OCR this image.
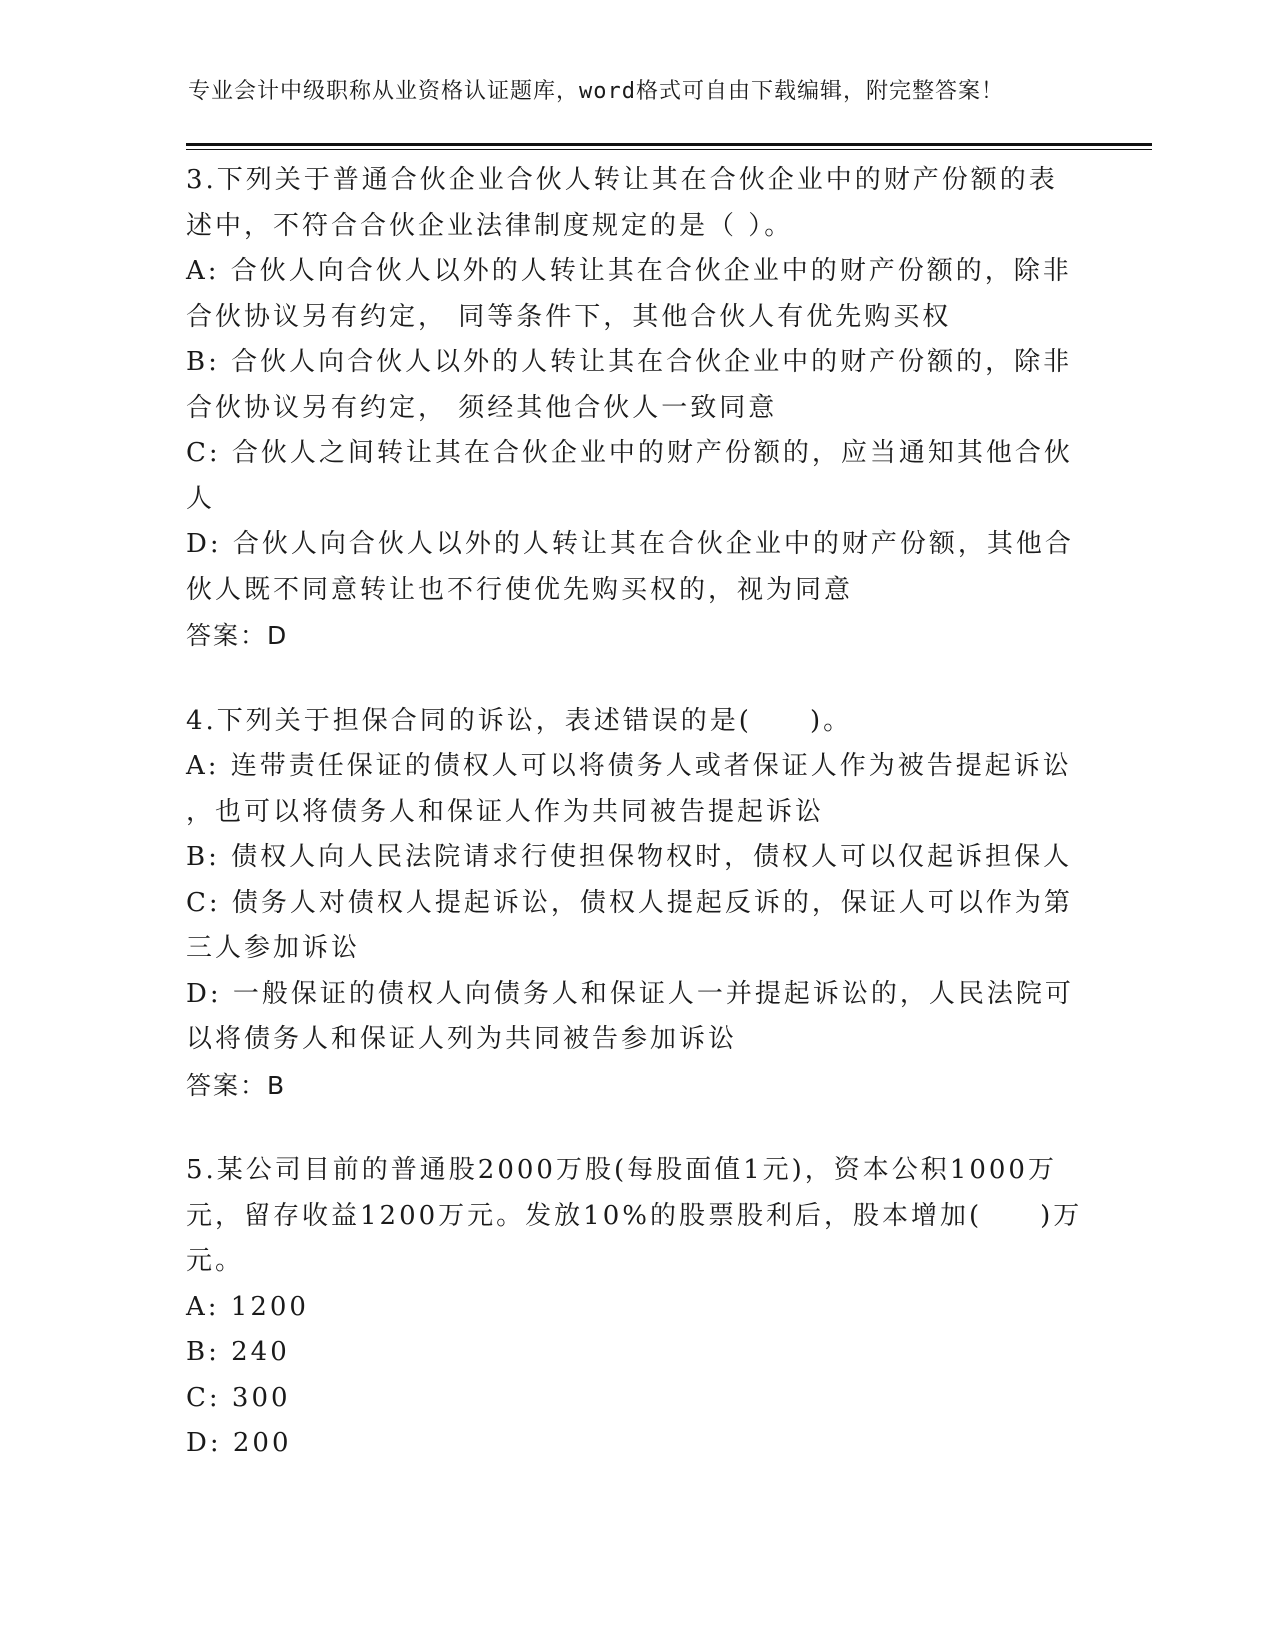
专业会计中级职称从业资格认证题库，word格式可自由下载编辑，附完整答案！

3.下列关于普通合伙企业合伙人转让其在合伙企业中的财产份额的表

述中，不符合合伙企业法律制度规定的是（ ）。

A: 合伙人向合伙人以外的人转让其在合伙企业中的财产份额的，除非

合伙协议另有约定， 同等条件下，其他合伙人有优先购买权

B: 合伙人向合伙人以外的人转让其在合伙企业中的财产份额的，除非

合伙协议另有约定， 须经其他合伙人一致同意

C: 合伙人之间转让其在合伙企业中的财产份额的，应当通知其他合伙

人

D: 合伙人向合伙人以外的人转让其在合伙企业中的财产份额，其他合

伙人既不同意转让也不行使优先购买权的，视为同意

答案：D

4.下列关于担保合同的诉讼，表述错误的是(　　)。

A: 连带责任保证的债权人可以将债务人或者保证人作为被告提起诉讼

，也可以将债务人和保证人作为共同被告提起诉讼

B: 债权人向人民法院请求行使担保物权时，债权人可以仅起诉担保人

C: 债务人对债权人提起诉讼，债权人提起反诉的，保证人可以作为第

三人参加诉讼

D: 一般保证的债权人向债务人和保证人一并提起诉讼的，人民法院可

以将债务人和保证人列为共同被告参加诉讼

答案：B

5.某公司目前的普通股2000万股(每股面值1元)，资本公积1000万

元，留存收益1200万元。发放10%的股票股利后，股本增加(　　)万

元。

A: 1200

B: 240

C: 300

D: 200
